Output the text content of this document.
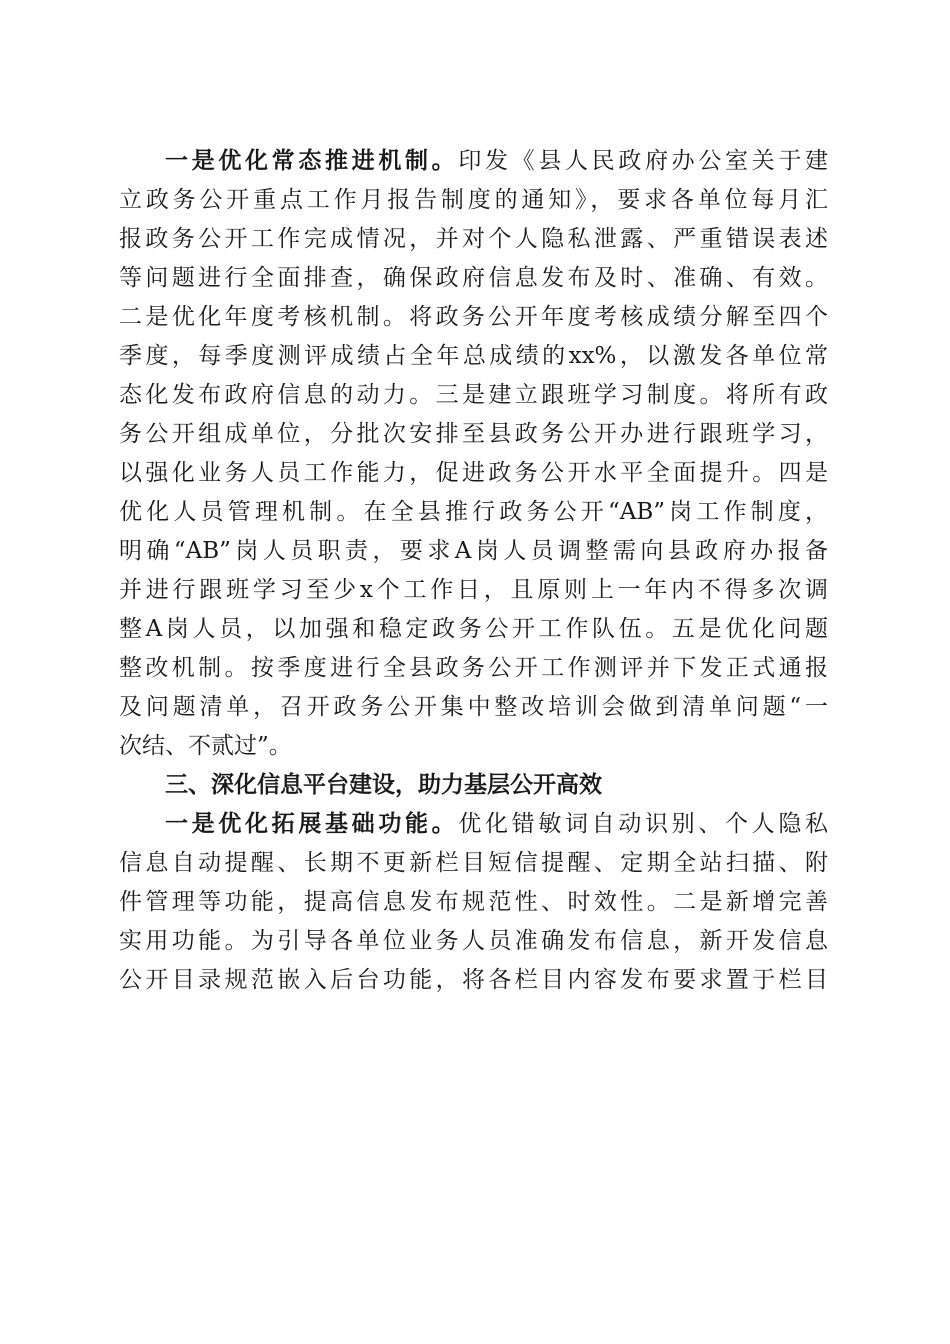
一是优化常态推进机制。印发《县人民政府办公室关于建
立政务公开重点工作月报告制度的通知》，要求各单位每月汇
报政务公开工作完成情况，并对个人隐私泄露、严重错误表述
等问题进行全面排查，确保政府信息发布及时、准确、有效。
二是优化年度考核机制。将政务公开年度考核成绩分解至四个
季度，每季度测评成绩占全年总成绩的xx%，以激发各单位常
态化发布政府信息的动力。三是建立跟班学习制度。将所有政
务公开组成单位，分批次安排至县政务公开办进行跟班学习，
以强化业务人员工作能力，促进政务公开水平全面提升。四是
优化人员管理机制。在全县推行政务公开“AB”岗工作制度，
明确“AB”岗人员职责，要求A岗人员调整需向县政府办报备
并进行跟班学习至少x个工作日，且原则上一年内不得多次调
整A岗人员，以加强和稳定政务公开工作队伍。五是优化问题
整改机制。按季度进行全县政务公开工作测评并下发正式通报
及问题清单，召开政务公开集中整改培训会做到清单问题“一
次结、不贰过”。
三、深化信息平台建设，助力基层公开高效
一是优化拓展基础功能。优化错敏词自动识别、个人隐私
信息自动提醒、长期不更新栏目短信提醒、定期全站扫描、附
件管理等功能，提高信息发布规范性、时效性。二是新增完善
实用功能。为引导各单位业务人员准确发布信息，新开发信息
公开目录规范嵌入后台功能，将各栏目内容发布要求置于栏目
